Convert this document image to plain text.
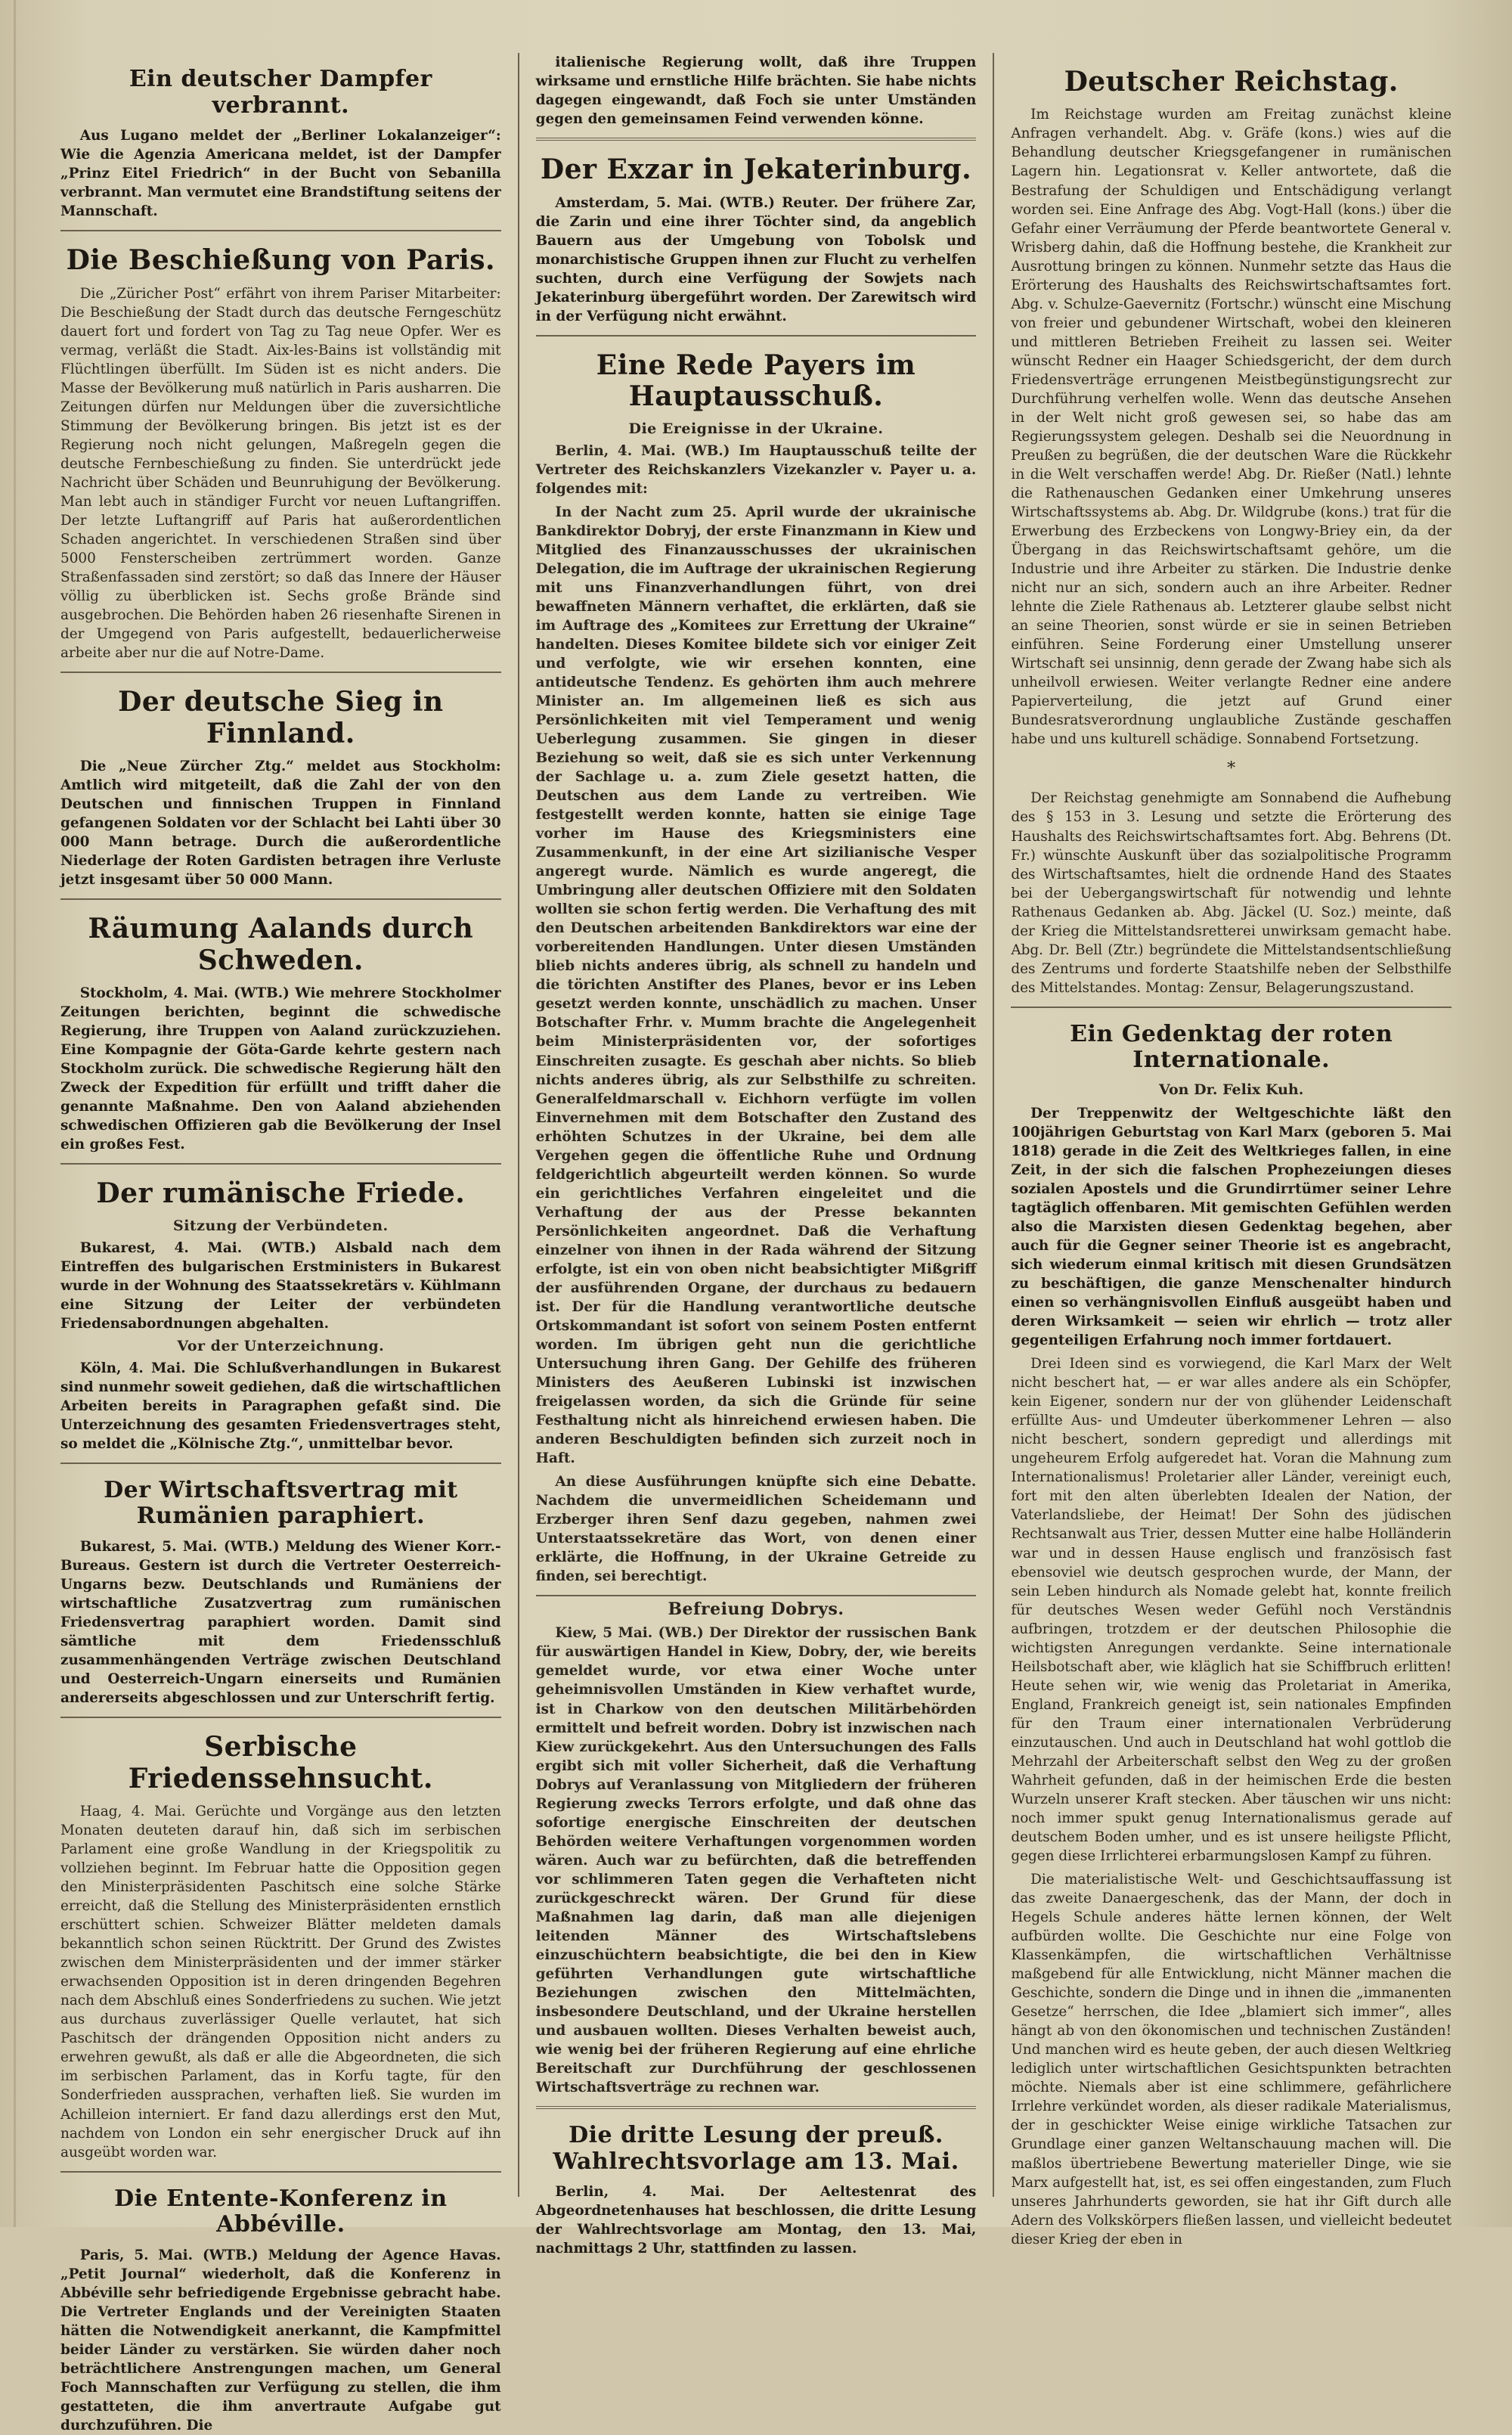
Ein deutscher Dampfer verbrannt.

Aus Lugano meldet der „Berliner Lokalanzeiger“: Wie die Agenzia Americana meldet, ist der Dampfer „Prinz Eitel Friedrich“ in der Bucht von Sebanilla verbrannt. Man vermutet eine Brandstiftung seitens der Mannschaft.

Die Beschießung von Paris.

Die „Züricher Post“ erfährt von ihrem Pariser Mitarbeiter: Die Beschießung der Stadt durch das deutsche Ferngeschütz dauert fort und fordert von Tag zu Tag neue Opfer. Wer es vermag, verläßt die Stadt. Aix-les-Bains ist vollständig mit Flüchtlingen überfüllt. Im Süden ist es nicht anders. Die Masse der Bevölkerung muß natürlich in Paris ausharren. Die Zeitungen dürfen nur Meldungen über die zuversichtliche Stimmung der Bevölkerung bringen. Bis jetzt ist es der Regierung noch nicht gelungen, Maßregeln gegen die deutsche Fernbeschießung zu finden. Sie unterdrückt jede Nachricht über Schäden und Beunruhigung der Bevölkerung. Man lebt auch in ständiger Furcht vor neuen Luftangriffen. Der letzte Luftangriff auf Paris hat außerordentlichen Schaden angerichtet. In verschiedenen Straßen sind über 5000 Fensterscheiben zertrümmert worden. Ganze Straßenfassaden sind zerstört; so daß das Innere der Häuser völlig zu überblicken ist. Sechs große Brände sind ausgebrochen. Die Behörden haben 26 riesenhafte Sirenen in der Umgegend von Paris aufgestellt, bedauerlicherweise arbeite aber nur die auf Notre-Dame.

Der deutsche Sieg in Finnland.

Die „Neue Zürcher Ztg.“ meldet aus Stockholm: Amtlich wird mitgeteilt, daß die Zahl der von den Deutschen und finnischen Truppen in Finnland gefangenen Soldaten vor der Schlacht bei Lahti über 30 000 Mann betrage. Durch die außerordentliche Niederlage der Roten Gardisten betragen ihre Verluste jetzt insgesamt über 50 000 Mann.

Räumung Aalands durch Schweden.

Stockholm, 4. Mai. (WTB.) Wie mehrere Stockholmer Zeitungen berichten, beginnt die schwedische Regierung, ihre Truppen von Aaland zurückzuziehen. Eine Kompagnie der Göta-Garde kehrte gestern nach Stockholm zurück. Die schwedische Regierung hält den Zweck der Expedition für erfüllt und trifft daher die genannte Maßnahme. Den von Aaland abziehenden schwedischen Offizieren gab die Bevölkerung der Insel ein großes Fest.

Der rumänische Friede.
Sitzung der Verbündeten.

Bukarest, 4. Mai. (WTB.) Alsbald nach dem Eintreffen des bulgarischen Erstministers in Bukarest wurde in der Wohnung des Staatssekretärs v. Kühlmann eine Sitzung der Leiter der verbündeten Friedensabordnungen abgehalten.

Vor der Unterzeichnung.

Köln, 4. Mai. Die Schlußverhandlungen in Bukarest sind nunmehr soweit gediehen, daß die wirtschaftlichen Arbeiten bereits in Paragraphen gefaßt sind. Die Unterzeichnung des gesamten Friedensvertrages steht, so meldet die „Kölnische Ztg.“, unmittelbar bevor.

Der Wirtschaftsvertrag mit Rumänien paraphiert.

Bukarest, 5. Mai. (WTB.) Meldung des Wiener Korr.-Bureaus. Gestern ist durch die Vertreter Oesterreich-Ungarns bezw. Deutschlands und Rumäniens der wirtschaftliche Zusatzvertrag zum rumänischen Friedensvertrag paraphiert worden. Damit sind sämtliche mit dem Friedensschluß zusammenhängenden Verträge zwischen Deutschland und Oesterreich-Ungarn einerseits und Rumänien andererseits abgeschlossen und zur Unterschrift fertig.

Serbische Friedenssehnsucht.

Haag, 4. Mai. Gerüchte und Vorgänge aus den letzten Monaten deuteten darauf hin, daß sich im serbischen Parlament eine große Wandlung in der Kriegspolitik zu vollziehen beginnt. Im Februar hatte die Opposition gegen den Ministerpräsidenten Paschitsch eine solche Stärke erreicht, daß die Stellung des Ministerpräsidenten ernstlich erschüttert schien. Schweizer Blätter meldeten damals bekanntlich schon seinen Rücktritt. Der Grund des Zwistes zwischen dem Ministerpräsidenten und der immer stärker erwachsenden Opposition ist in deren dringenden Begehren nach dem Abschluß eines Sonderfriedens zu suchen. Wie jetzt aus durchaus zuverlässiger Quelle verlautet, hat sich Paschitsch der drängenden Opposition nicht anders zu erwehren gewußt, als daß er alle die Abgeordneten, die sich im serbischen Parlament, das in Korfu tagte, für den Sonderfrieden aussprachen, verhaften ließ. Sie wurden im Achilleion interniert. Er fand dazu allerdings erst den Mut, nachdem von London ein sehr energischer Druck auf ihn ausgeübt worden war.

Die Entente-Konferenz in Abbéville.

Paris, 5. Mai. (WTB.) Meldung der Agence Havas. „Petit Journal“ wiederholt, daß die Konferenz in Abbéville sehr befriedigende Ergebnisse gebracht habe. Die Vertreter Englands und der Vereinigten Staaten hätten die Notwendigkeit anerkannt, die Kampfmittel beider Länder zu verstärken. Sie würden daher noch beträchtlichere Anstrengungen machen, um General Foch Mannschaften zur Verfügung zu stellen, die ihm gestatteten, die ihm anvertraute Aufgabe gut durchzuführen. Die

italienische Regierung wollt, daß ihre Truppen wirksame und ernstliche Hilfe brächten. Sie habe nichts dagegen eingewandt, daß Foch sie unter Umständen gegen den gemeinsamen Feind verwenden könne.

Der Exzar in Jekaterinburg.

Amsterdam, 5. Mai. (WTB.) Reuter. Der frühere Zar, die Zarin und eine ihrer Töchter sind, da angeblich Bauern aus der Umgebung von Tobolsk und monarchistische Gruppen ihnen zur Flucht zu verhelfen suchten, durch eine Verfügung der Sowjets nach Jekaterinburg übergeführt worden. Der Zarewitsch wird in der Verfügung nicht erwähnt.

Eine Rede Payers im Hauptausschuß.
Die Ereignisse in der Ukraine.

Berlin, 4. Mai. (WB.) Im Hauptausschuß teilte der Vertreter des Reichskanzlers Vizekanzler v. Payer u. a. folgendes mit:

In der Nacht zum 25. April wurde der ukrainische Bankdirektor Dobryj, der erste Finanzmann in Kiew und Mitglied des Finanzausschusses der ukrainischen Delegation, die im Auftrage der ukrainischen Regierung mit uns Finanzverhandlungen führt, von drei bewaffneten Männern verhaftet, die erklärten, daß sie im Auftrage des „Komitees zur Errettung der Ukraine“ handelten. Dieses Komitee bildete sich vor einiger Zeit und verfolgte, wie wir ersehen konnten, eine antideutsche Tendenz. Es gehörten ihm auch mehrere Minister an. Im allgemeinen ließ es sich aus Persönlichkeiten mit viel Temperament und wenig Ueberlegung zusammen. Sie gingen in dieser Beziehung so weit, daß sie es sich unter Verkennung der Sachlage u. a. zum Ziele gesetzt hatten, die Deutschen aus dem Lande zu vertreiben. Wie festgestellt werden konnte, hatten sie einige Tage vorher im Hause des Kriegsministers eine Zusammenkunft, in der eine Art sizilianische Vesper angeregt wurde. Nämlich es wurde angeregt, die Umbringung aller deutschen Offiziere mit den Soldaten wollten sie schon fertig werden. Die Verhaftung des mit den Deutschen arbeitenden Bankdirektors war eine der vorbereitenden Handlungen. Unter diesen Umständen blieb nichts anderes übrig, als schnell zu handeln und die törichten Anstifter des Planes, bevor er ins Leben gesetzt werden konnte, unschädlich zu machen. Unser Botschafter Frhr. v. Mumm brachte die Angelegenheit beim Ministerpräsidenten vor, der sofortiges Einschreiten zusagte. Es geschah aber nichts. So blieb nichts anderes übrig, als zur Selbsthilfe zu schreiten. Generalfeldmarschall v. Eichhorn verfügte im vollen Einvernehmen mit dem Botschafter den Zustand des erhöhten Schutzes in der Ukraine, bei dem alle Vergehen gegen die öffentliche Ruhe und Ordnung feldgerichtlich abgeurteilt werden können. So wurde ein gerichtliches Verfahren eingeleitet und die Verhaftung der aus der Presse bekannten Persönlichkeiten angeordnet. Daß die Verhaftung einzelner von ihnen in der Rada während der Sitzung erfolgte, ist ein von oben nicht beabsichtigter Mißgriff der ausführenden Organe, der durchaus zu bedauern ist. Der für die Handlung verantwortliche deutsche Ortskommandant ist sofort von seinem Posten entfernt worden. Im übrigen geht nun die gerichtliche Untersuchung ihren Gang. Der Gehilfe des früheren Ministers des Aeußeren Lubinski ist inzwischen freigelassen worden, da sich die Gründe für seine Festhaltung nicht als hinreichend erwiesen haben. Die anderen Beschuldigten befinden sich zurzeit noch in Haft.

An diese Ausführungen knüpfte sich eine Debatte. Nachdem die unvermeidlichen Scheidemann und Erzberger ihren Senf dazu gegeben, nahmen zwei Unterstaatssekretäre das Wort, von denen einer erklärte, die Hoffnung, in der Ukraine Getreide zu finden, sei berechtigt.

Befreiung Dobrys.

Kiew, 5 Mai. (WB.) Der Direktor der russischen Bank für auswärtigen Handel in Kiew, Dobry, der, wie bereits gemeldet wurde, vor etwa einer Woche unter geheimnisvollen Umständen in Kiew verhaftet wurde, ist in Charkow von den deutschen Militärbehörden ermittelt und befreit worden. Dobry ist inzwischen nach Kiew zurückgekehrt. Aus den Untersuchungen des Falls ergibt sich mit voller Sicherheit, daß die Verhaftung Dobrys auf Veranlassung von Mitgliedern der früheren Regierung zwecks Terrors erfolgte, und daß ohne das sofortige energische Einschreiten der deutschen Behörden weitere Verhaftungen vorgenommen worden wären. Auch war zu befürchten, daß die betreffenden vor schlimmeren Taten gegen die Verhafteten nicht zurückgeschreckt wären. Der Grund für diese Maßnahmen lag darin, daß man alle diejenigen leitenden Männer des Wirtschaftslebens einzuschüchtern beabsichtigte, die bei den in Kiew geführten Verhandlungen gute wirtschaftliche Beziehungen zwischen den Mittelmächten, insbesondere Deutschland, und der Ukraine herstellen und ausbauen wollten. Dieses Verhalten beweist auch, wie wenig bei der früheren Regierung auf eine ehrliche Bereitschaft zur Durchführung der geschlossenen Wirtschaftsverträge zu rechnen war.

Die dritte Lesung der preuß. Wahlrechtsvorlage am 13. Mai.

Berlin, 4. Mai. Der Aeltestenrat des Abgeordnetenhauses hat beschlossen, die dritte Lesung der Wahlrechtsvorlage am Montag, den 13. Mai, nachmittags 2 Uhr, stattfinden zu lassen.

Deutscher Reichstag.

Im Reichstage wurden am Freitag zunächst kleine Anfragen verhandelt. Abg. v. Gräfe (kons.) wies auf die Behandlung deutscher Kriegsgefangener in rumänischen Lagern hin. Legationsrat v. Keller antwortete, daß die Bestrafung der Schuldigen und Entschädigung verlangt worden sei. Eine Anfrage des Abg. Vogt-Hall (kons.) über die Gefahr einer Verräumung der Pferde beantwortete General v. Wrisberg dahin, daß die Hoffnung bestehe, die Krankheit zur Ausrottung bringen zu können. Nunmehr setzte das Haus die Erörterung des Haushalts des Reichswirtschaftsamtes fort. Abg. v. Schulze-Gaevernitz (Fortschr.) wünscht eine Mischung von freier und gebundener Wirtschaft, wobei den kleineren und mittleren Betrieben Freiheit zu lassen sei. Weiter wünscht Redner ein Haager Schiedsgericht, der dem durch Friedensverträge errungenen Meistbegünstigungsrecht zur Durchführung verhelfen wolle. Wenn das deutsche Ansehen in der Welt nicht groß gewesen sei, so habe das am Regierungssystem gelegen. Deshalb sei die Neuordnung in Preußen zu begrüßen, die der deutschen Ware die Rückkehr in die Welt verschaffen werde! Abg. Dr. Rießer (Natl.) lehnte die Rathenauschen Gedanken einer Umkehrung unseres Wirtschaftssystems ab. Abg. Dr. Wildgrube (kons.) trat für die Erwerbung des Erzbeckens von Longwy-Briey ein, da der Übergang in das Reichswirtschaftsamt gehöre, um die Industrie und ihre Arbeiter zu stärken. Die Industrie denke nicht nur an sich, sondern auch an ihre Arbeiter. Redner lehnte die Ziele Rathenaus ab. Letzterer glaube selbst nicht an seine Theorien, sonst würde er sie in seinen Betrieben einführen. Seine Forderung einer Umstellung unserer Wirtschaft sei unsinnig, denn gerade der Zwang habe sich als unheilvoll erwiesen. Weiter verlangte Redner eine andere Papierverteilung, die jetzt auf Grund einer Bundesratsverordnung unglaubliche Zustände geschaffen habe und uns kulturell schädige. Sonnabend Fortsetzung.

*

Der Reichstag genehmigte am Sonnabend die Aufhebung des § 153 in 3. Lesung und setzte die Erörterung des Haushalts des Reichswirtschaftsamtes fort. Abg. Behrens (Dt. Fr.) wünschte Auskunft über das sozialpolitische Programm des Wirtschaftsamtes, hielt die ordnende Hand des Staates bei der Uebergangswirtschaft für notwendig und lehnte Rathenaus Gedanken ab. Abg. Jäckel (U. Soz.) meinte, daß der Krieg die Mittelstandsretterei unwirksam gemacht habe. Abg. Dr. Bell (Ztr.) begründete die Mittelstandsentschließung des Zentrums und forderte Staatshilfe neben der Selbsthilfe des Mittelstandes. Montag: Zensur, Belagerungszustand.

Ein Gedenktag der roten Internationale.
Von Dr. Felix Kuh.

Der Treppenwitz der Weltgeschichte läßt den 100jährigen Geburtstag von Karl Marx (geboren 5. Mai 1818) gerade in die Zeit des Weltkrieges fallen, in eine Zeit, in der sich die falschen Prophezeiungen dieses sozialen Apostels und die Grundirrtümer seiner Lehre tagtäglich offenbaren. Mit gemischten Gefühlen werden also die Marxisten diesen Gedenktag begehen, aber auch für die Gegner seiner Theorie ist es angebracht, sich wiederum einmal kritisch mit diesen Grundsätzen zu beschäftigen, die ganze Menschenalter hindurch einen so verhängnisvollen Einfluß ausgeübt haben und deren Wirksamkeit — seien wir ehrlich — trotz aller gegenteiligen Erfahrung noch immer fortdauert.

Drei Ideen sind es vorwiegend, die Karl Marx der Welt nicht beschert hat, — er war alles andere als ein Schöpfer, kein Eigener, sondern nur der von glühender Leidenschaft erfüllte Aus- und Umdeuter überkommener Lehren — also nicht beschert, sondern gepredigt und allerdings mit ungeheurem Erfolg aufgeredet hat. Voran die Mahnung zum Internationalismus! Proletarier aller Länder, vereinigt euch, fort mit den alten überlebten Idealen der Nation, der Vaterlandsliebe, der Heimat! Der Sohn des jüdischen Rechtsanwalt aus Trier, dessen Mutter eine halbe Holländerin war und in dessen Hause englisch und französisch fast ebensoviel wie deutsch gesprochen wurde, der Mann, der sein Leben hindurch als Nomade gelebt hat, konnte freilich für deutsches Wesen weder Gefühl noch Verständnis aufbringen, trotzdem er der deutschen Philosophie die wichtigsten Anregungen verdankte. Seine internationale Heilsbotschaft aber, wie kläglich hat sie Schiffbruch erlitten! Heute sehen wir, wie wenig das Proletariat in Amerika, England, Frankreich geneigt ist, sein nationales Empfinden für den Traum einer internationalen Verbrüderung einzutauschen. Und auch in Deutschland hat wohl gottlob die Mehrzahl der Arbeiterschaft selbst den Weg zu der großen Wahrheit gefunden, daß in der heimischen Erde die besten Wurzeln unserer Kraft stecken. Aber täuschen wir uns nicht: noch immer spukt genug Internationalismus gerade auf deutschem Boden umher, und es ist unsere heiligste Pflicht, gegen diese Irrlichterei erbarmungslosen Kampf zu führen.

Die materialistische Welt- und Geschichtsauffassung ist das zweite Danaergeschenk, das der Mann, der doch in Hegels Schule anderes hätte lernen können, der Welt aufbürden wollte. Die Geschichte nur eine Folge von Klassenkämpfen, die wirtschaftlichen Verhältnisse maßgebend für alle Entwicklung, nicht Männer machen die Geschichte, sondern die Dinge und in ihnen die „immanenten Gesetze“ herrschen, die Idee „blamiert sich immer“, alles hängt ab von den ökonomischen und technischen Zuständen! Und manchen wird es heute geben, der auch diesen Weltkrieg lediglich unter wirtschaftlichen Gesichtspunkten betrachten möchte. Niemals aber ist eine schlimmere, gefährlichere Irrlehre verkündet worden, als dieser radikale Materialismus, der in geschickter Weise einige wirkliche Tatsachen zur Grundlage einer ganzen Weltanschauung machen will. Die maßlos übertriebene Bewertung materieller Dinge, wie sie Marx aufgestellt hat, ist, es sei offen eingestanden, zum Fluch unseres Jahrhunderts geworden, sie hat ihr Gift durch alle Adern des Volkskörpers fließen lassen, und vielleicht bedeutet dieser Krieg der eben in
